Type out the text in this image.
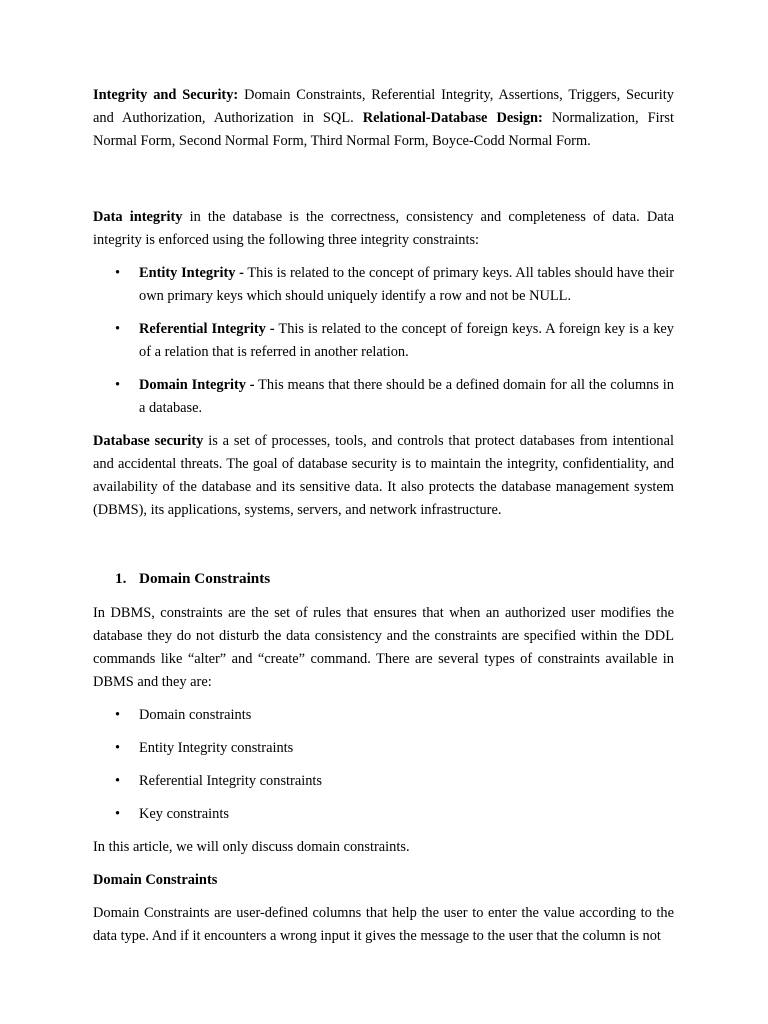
Integrity and Security: Domain Constraints, Referential Integrity, Assertions, Triggers, Security and Authorization, Authorization in SQL. Relational-Database Design: Normalization, First Normal Form, Second Normal Form, Third Normal Form, Boyce-Codd Normal Form.

Data integrity in the database is the correctness, consistency and completeness of data. Data integrity is enforced using the following three integrity constraints:

• Entity Integrity - This is related to the concept of primary keys. All tables should have their own primary keys which should uniquely identify a row and not be NULL.
• Referential Integrity - This is related to the concept of foreign keys. A foreign key is a key of a relation that is referred in another relation.
• Domain Integrity - This means that there should be a defined domain for all the columns in a database.

Database security is a set of processes, tools, and controls that protect databases from intentional and accidental threats. The goal of database security is to maintain the integrity, confidentiality, and availability of the database and its sensitive data. It also protects the database management system (DBMS), its applications, systems, servers, and network infrastructure.

1. Domain Constraints

In DBMS, constraints are the set of rules that ensures that when an authorized user modifies the database they do not disturb the data consistency and the constraints are specified within the DDL commands like “alter” and “create” command. There are several types of constraints available in DBMS and they are:

• Domain constraints
• Entity Integrity constraints
• Referential Integrity constraints
• Key constraints

In this article, we will only discuss domain constraints.

Domain Constraints

Domain Constraints are user-defined columns that help the user to enter the value according to the data type. And if it encounters a wrong input it gives the message to the user that the column is not
